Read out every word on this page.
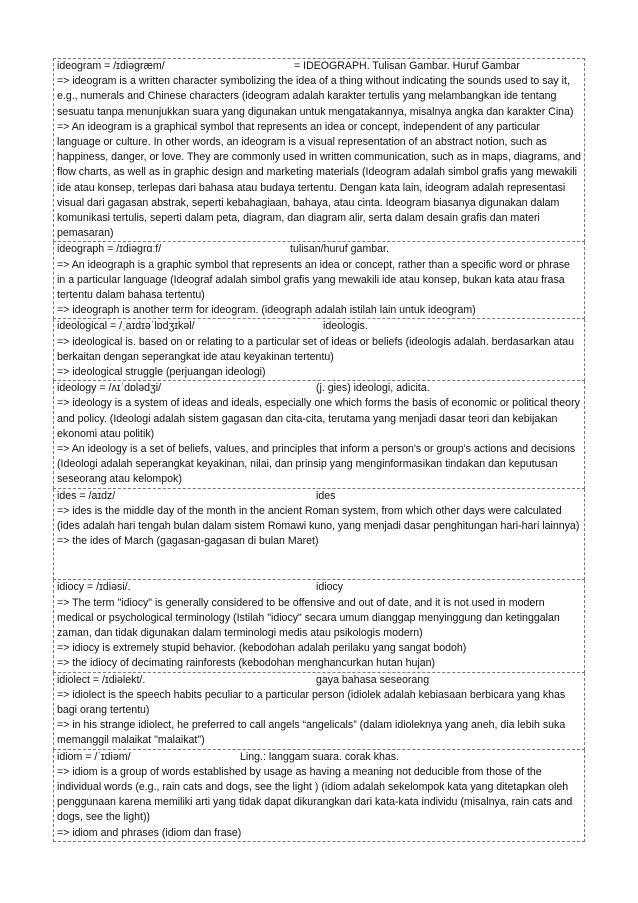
ideogram = /ɪdiəgræm/	= IDEOGRAPH. Tulisan Gambar. Huruf Gambar

=> ideogram is a written character symbolizing the idea of a thing without indicating the sounds used to say it, e.g., numerals and Chinese characters (ideogram adalah karakter tertulis yang melambangkan ide tentang sesuatu tanpa menunjukkan suara yang digunakan untuk mengatakannya, misalnya angka dan karakter Cina)

=> An ideogram is a graphical symbol that represents an idea or concept, independent of any particular language or culture. In other words, an ideogram is a visual representation of an abstract notion, such as happiness, danger, or love. They are commonly used in written communication, such as in maps, diagrams, and flow charts, as well as in graphic design and marketing materials (Ideogram adalah simbol grafis yang mewakili ide atau konsep, terlepas dari bahasa atau budaya tertentu. Dengan kata lain, ideogram adalah representasi visual dari gagasan abstrak, seperti kebahagiaan, bahaya, atau cinta. Ideogram biasanya digunakan dalam komunikasi tertulis, seperti dalam peta, diagram, dan diagram alir, serta dalam desain grafis dan materi pemasaran)

ideograph = /ɪdiəgrɑːf/	tulisan/huruf gambar.

=> An ideograph is a graphic symbol that represents an idea or concept, rather than a specific word or phrase in a particular language (Ideograf adalah simbol grafis yang mewakili ide atau konsep, bukan kata atau frasa tertentu dalam bahasa tertentu)

=> ideograph is another term for ideogram. (ideograph adalah istilah lain untuk ideogram)

ideological = /ˌaɪdɪəˈlɒdʒɪkəl/	ideologis.

=> ideological is. based on or relating to a particular set of ideas or beliefs (ideologis adalah. berdasarkan atau berkaitan dengan seperangkat ide atau keyakinan tertentu)

=> ideological struggle (perjuangan ideologi)

ideology = /ʌɪˈdɒlədʒi/	(j. gies) ideologi, adicita.

=> ideology is a system of ideas and ideals, especially one which forms the basis of economic or political theory and policy. (Ideologi adalah sistem gagasan dan cita-cita, terutama yang menjadi dasar teori dan kebijakan ekonomi atau politik)

=> An ideology is a set of beliefs, values, and principles that inform a person's or group's actions and decisions (Ideologi adalah seperangkat keyakinan, nilai, dan prinsip yang menginformasikan tindakan dan keputusan seseorang atau kelompok)

ides = /aɪdz/	ides

=> ides is the middle day of the month in the ancient Roman system, from which other days were calculated (ides adalah hari tengah bulan dalam sistem Romawi kuno, yang menjadi dasar penghitungan hari-hari lainnya)

=> the ides of March (gagasan-gagasan di bulan Maret)

idiocy = /ɪdiəsi/.	idiocy

=> The term "idiocy" is generally considered to be offensive and out of date, and it is not used in modern medical or psychological terminology (Istilah "idiocy" secara umum dianggap menyinggung dan ketinggalan zaman, dan tidak digunakan dalam terminologi medis atau psikologis modern)

=> idiocy is extremely stupid behavior. (kebodohan adalah perilaku yang sangat bodoh)

=> the idiocy of decimating rainforests (kebodohan menghancurkan hutan hujan)

idiolect = /ɪdiəlekt/.	gaya bahasa seseorang

=> idiolect is the speech habits peculiar to a particular person (idiolek adalah kebiasaan berbicara yang khas bagi orang tertentu)

=> in his strange idiolect, he preferred to call angels “angelicals” (dalam idioleknya yang aneh, dia lebih suka memanggil malaikat "malaikat")

idiom = /ˈɪdiəm/	Ling.: langgam suara. corak khas.

=> idiom is a group of words established by usage as having a meaning not deducible from those of the individual words (e.g., rain cats and dogs, see the light ) (idiom adalah sekelompok kata yang ditetapkan oleh penggunaan karena memiliki arti yang tidak dapat dikurangkan dari kata-kata individu (misalnya, rain cats and dogs, see the light))

=> idiom and phrases (idiom dan frase)
